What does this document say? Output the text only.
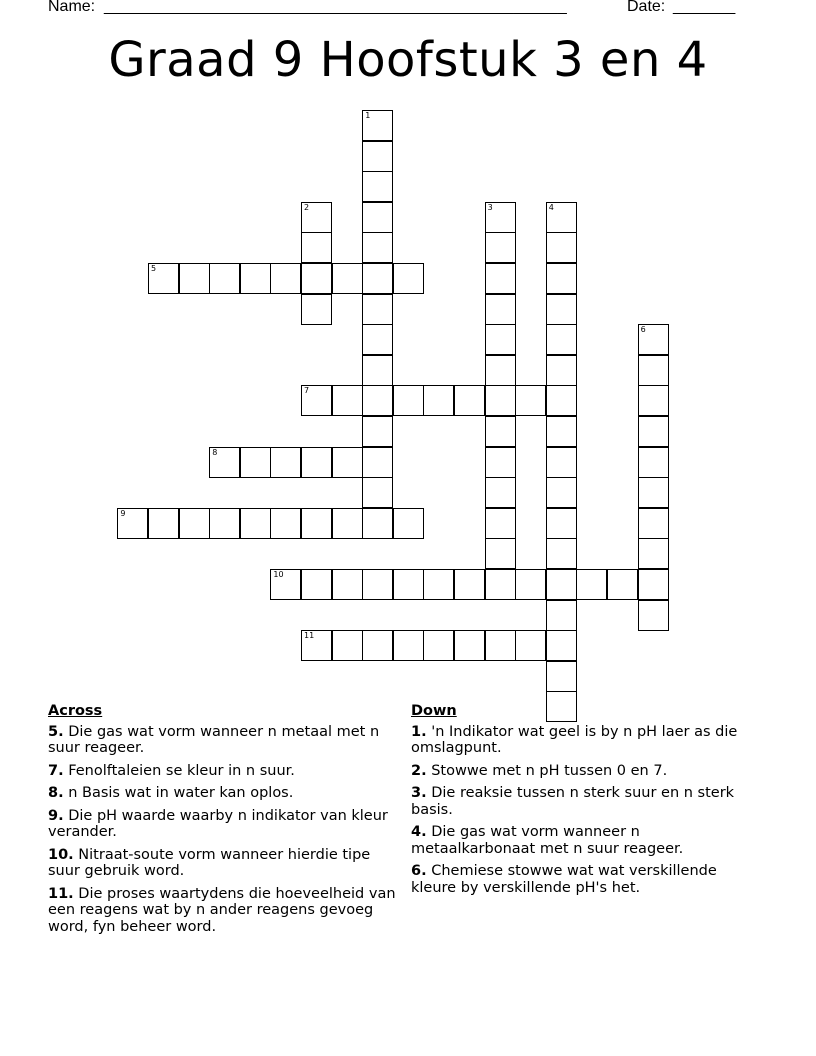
Name: ____________________________________________________	Date: _______
Graad 9 Hoofstuk 3 en 4
1
2	3	4
5
6
7
8
9
10
11
Across
5. Die gas wat vorm wanneer n metaal met n suur reageer.
7. Fenolftaleien se kleur in n suur.
8. n Basis wat in water kan oplos.
9. Die pH waarde waarby n indikator van kleur verander.
10. Nitraat-soute vorm wanneer hierdie tipe suur gebruik word.
11. Die proses waartydens die hoeveelheid van een reagens wat by n ander reagens gevoeg word, fyn beheer word.
Down
1. 'n Indikator wat geel is by n pH laer as die omslagpunt.
2. Stowwe met n pH tussen 0 en 7.
3. Die reaksie tussen n sterk suur en n sterk basis.
4. Die gas wat vorm wanneer n metaalkarbonaat met n suur reageer.
6. Chemiese stowwe wat wat verskillende kleure by verskillende pH's het.
